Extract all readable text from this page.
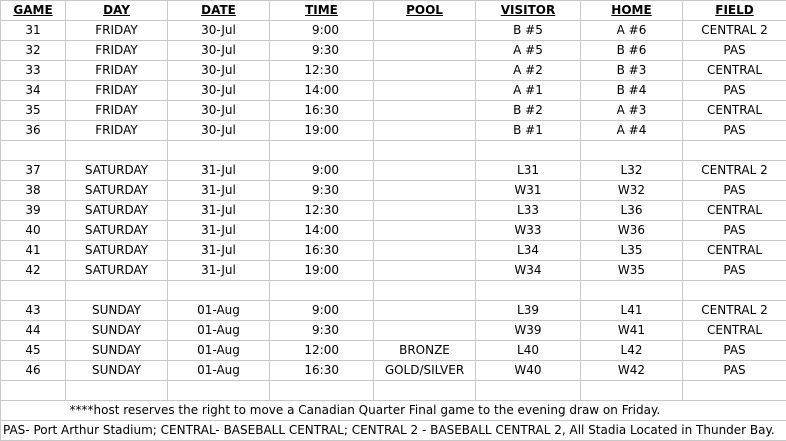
GAME	DAY	DATE	TIME	POOL	VISITOR	HOME	FIELD
31	FRIDAY	30-Jul	9:00		B #5	A #6	CENTRAL 2
32	FRIDAY	30-Jul	9:30		A #5	B #6	PAS
33	FRIDAY	30-Jul	12:30		A #2	B #3	CENTRAL
34	FRIDAY	30-Jul	14:00		A #1	B #4	PAS
35	FRIDAY	30-Jul	16:30		B #2	A #3	CENTRAL
36	FRIDAY	30-Jul	19:00		B #1	A #4	PAS

37	SATURDAY	31-Jul	9:00		L31	L32	CENTRAL 2
38	SATURDAY	31-Jul	9:30		W31	W32	PAS
39	SATURDAY	31-Jul	12:30		L33	L36	CENTRAL
40	SATURDAY	31-Jul	14:00		W33	W36	PAS
41	SATURDAY	31-Jul	16:30		L34	L35	CENTRAL
42	SATURDAY	31-Jul	19:00		W34	W35	PAS

43	SUNDAY	01-Aug	9:00		L39	L41	CENTRAL 2
44	SUNDAY	01-Aug	9:30		W39	W41	CENTRAL
45	SUNDAY	01-Aug	12:00	BRONZE	L40	L42	PAS
46	SUNDAY	01-Aug	16:30	GOLD/SILVER	W40	W42	PAS

	****host reserves the right to move a Canadian Quarter Final game to the evening draw on Friday.						
PAS- Port Arthur Stadium; CENTRAL- BASEBALL CENTRAL; CENTRAL 2 - BASEBALL CENTRAL 2, All Stadia Located in Thunder Bay.							
